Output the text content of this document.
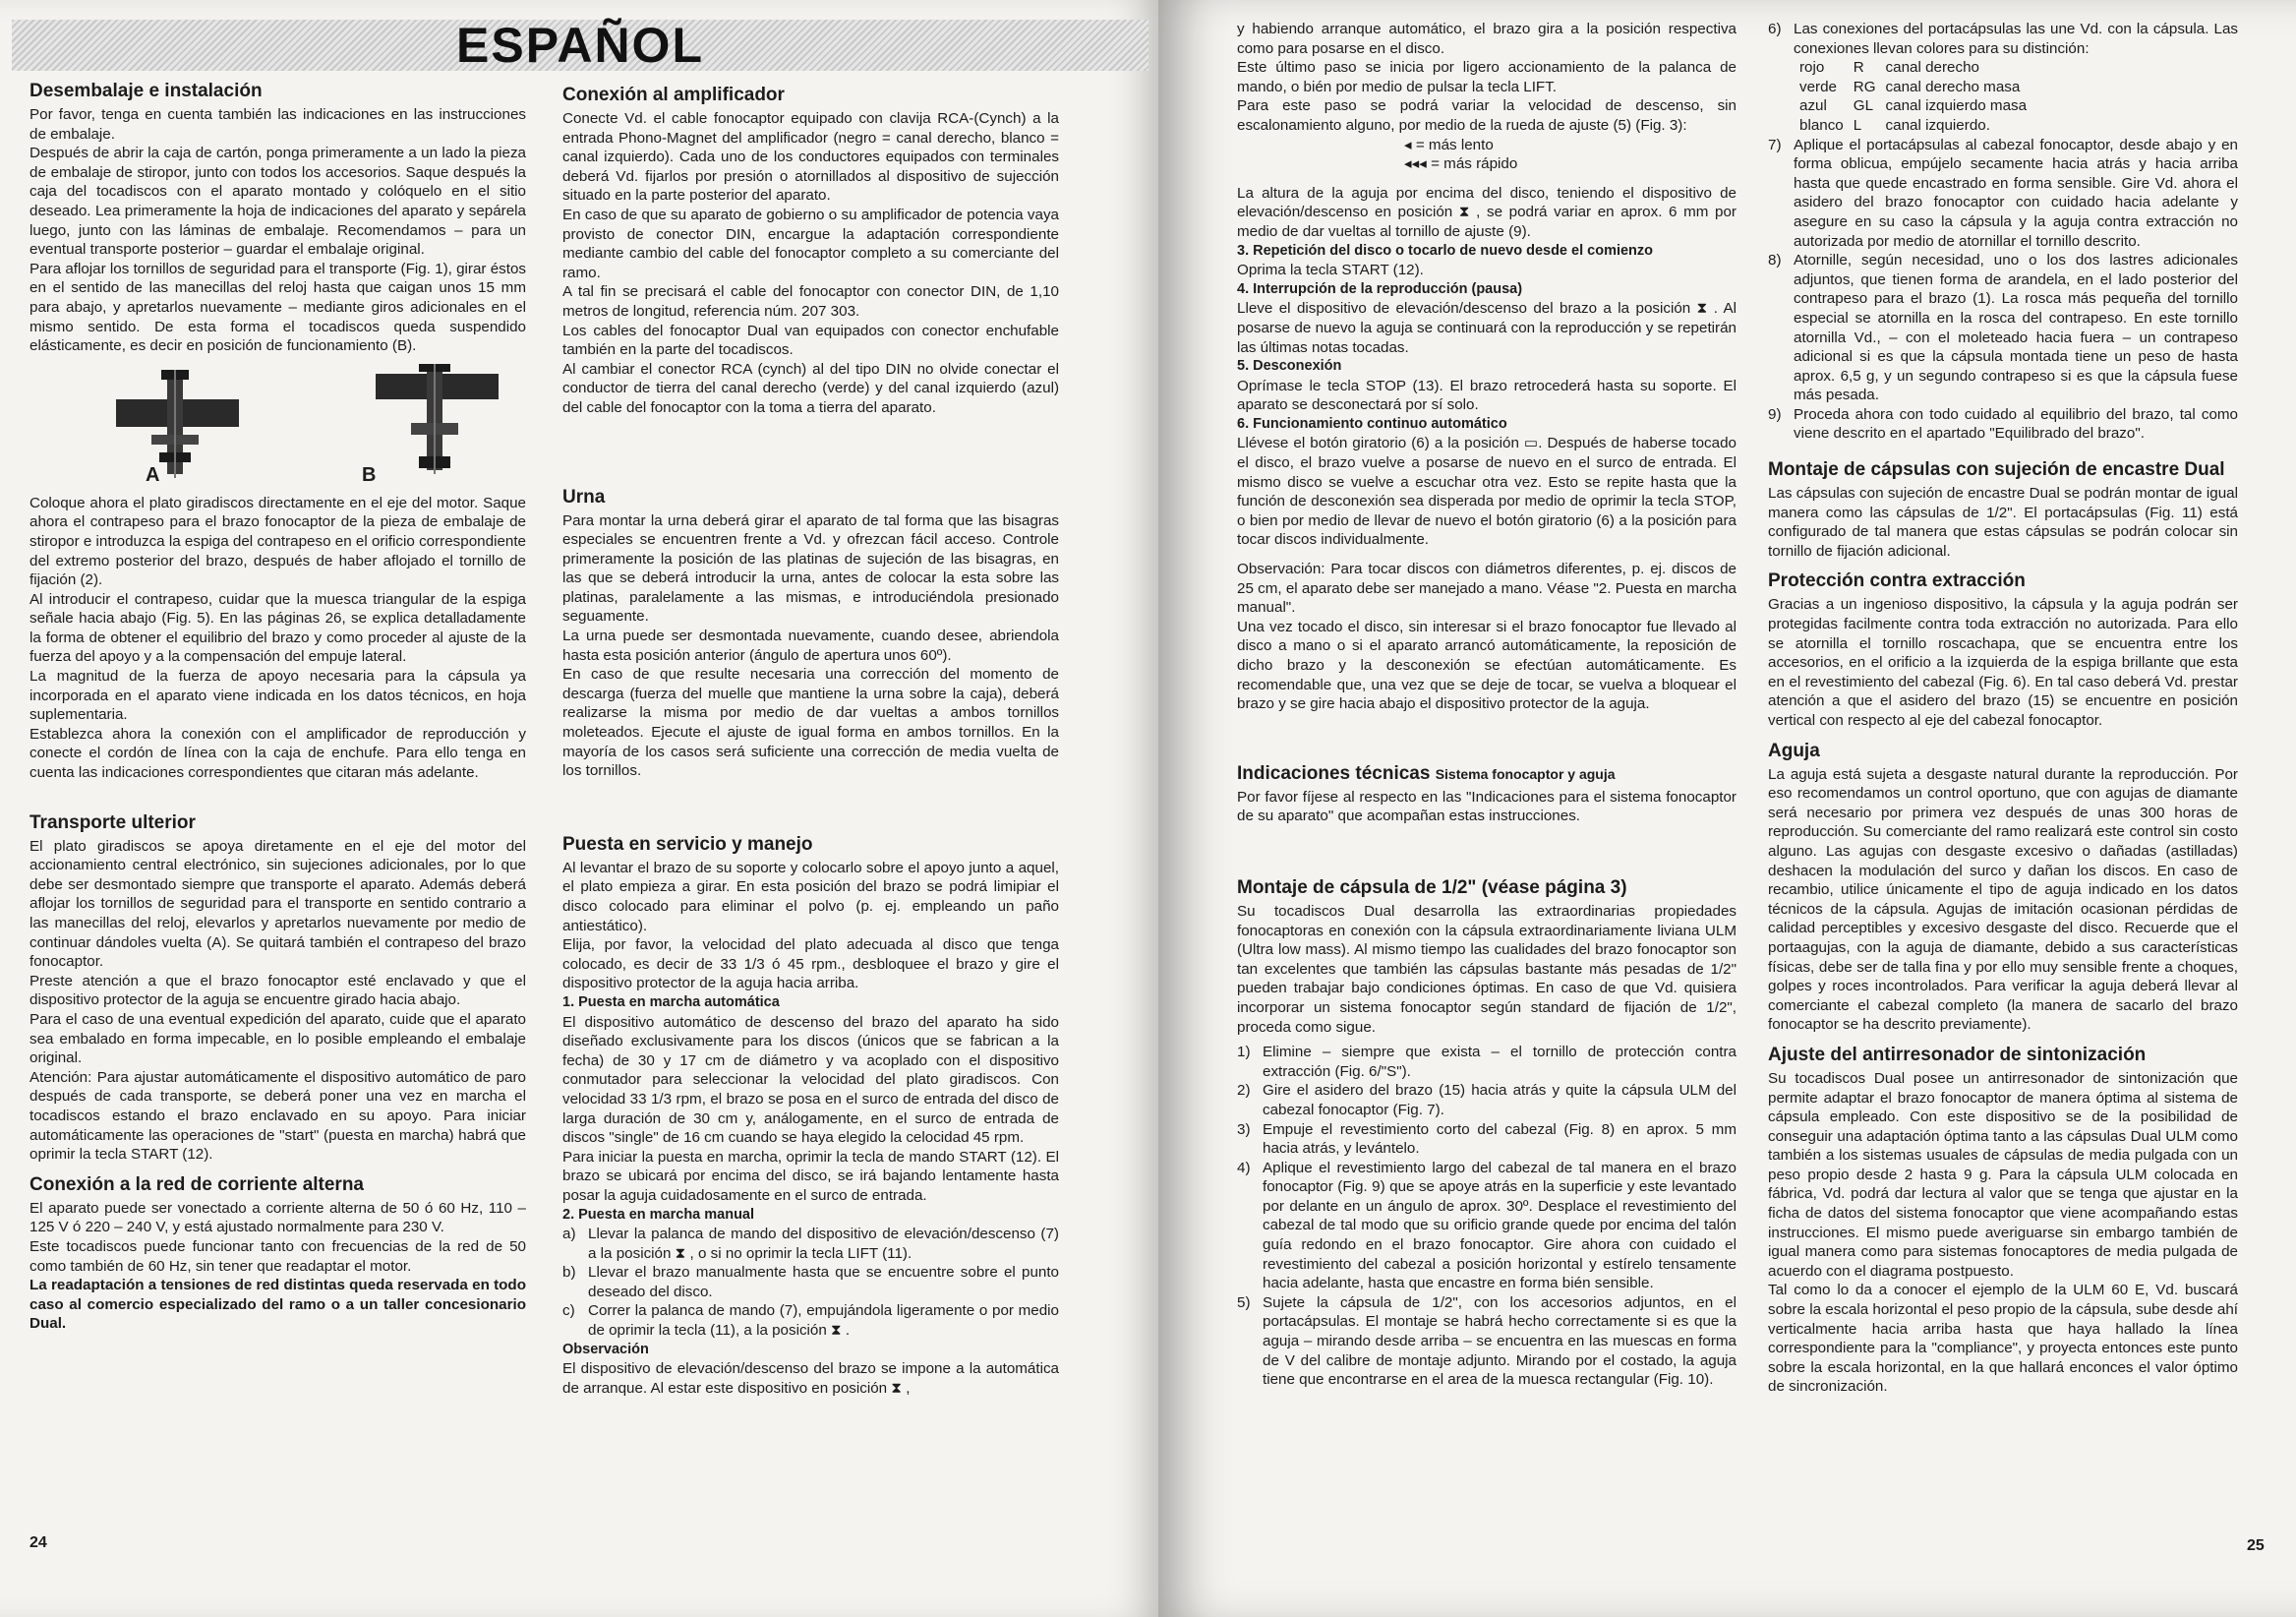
ESPAÑOL
Desembalaje e instalación
Por favor, tenga en cuenta también las indicaciones en las instrucciones de embalaje.
Después de abrir la caja de cartón, ponga primeramente a un lado la pieza de embalaje de stiropor, junto con todos los accesorios. Saque después la caja del tocadiscos con el aparato montado y colóquelo en el sitio deseado. Lea primeramente la hoja de indicaciones del aparato y sepárela luego, junto con las láminas de embalaje. Recomendamos – para un eventual transporte posterior – guardar el embalaje original.
Para aflojar los tornillos de seguridad para el transporte (Fig. 1), girar éstos en el sentido de las manecillas del reloj hasta que caigan unos 15 mm para abajo, y apretarlos nuevamente – mediante giros adicionales en el mismo sentido. De esta forma el tocadiscos queda suspendido elásticamente, es decir en posición de funcionamiento (B).
A	B
Coloque ahora el plato giradiscos directamente en el eje del motor. Saque ahora el contrapeso para el brazo fonocaptor de la pieza de embalaje de stiropor e introduzca la espiga del contrapeso en el orificio correspondiente del extremo posterior del brazo, después de haber aflojado el tornillo de fijación (2).
Al introducir el contrapeso, cuidar que la muesca triangular de la espiga señale hacia abajo (Fig. 5). En las páginas 26, se explica detalladamente la forma de obtener el equilibrio del brazo y como proceder al ajuste de la fuerza del apoyo y a la compensación del empuje lateral.
La magnitud de la fuerza de apoyo necesaria para la cápsula ya incorporada en el aparato viene indicada en los datos técnicos, en hoja suplementaria.
Establezca ahora la conexión con el amplificador de reproducción y conecte el cordón de línea con la caja de enchufe. Para ello tenga en cuenta las indicaciones correspondientes que citaran más adelante.
Transporte ulterior
El plato giradiscos se apoya diretamente en el eje del motor del accionamiento central electrónico, sin sujeciones adicionales, por lo que debe ser desmontado siempre que transporte el aparato. Además deberá aflojar los tornillos de seguridad para el transporte en sentido contrario a las manecillas del reloj, elevarlos y apretarlos nuevamente por medio de continuar dándoles vuelta (A). Se quitará también el contrapeso del brazo fonocaptor.
Preste atención a que el brazo fonocaptor esté enclavado y que el dispositivo protector de la aguja se encuentre girado hacia abajo.
Para el caso de una eventual expedición del aparato, cuide que el aparato sea embalado en forma impecable, en lo posible empleando el embalaje original.
Atención: Para ajustar automáticamente el dispositivo automático de paro después de cada transporte, se deberá poner una vez en marcha el tocadiscos estando el brazo enclavado en su apoyo. Para iniciar automáticamente las operaciones de "start" (puesta en marcha) habrá que oprimir la tecla START (12).
Conexión a la red de corriente alterna
El aparato puede ser vonectado a corriente alterna de 50 ó 60 Hz, 110 – 125 V ó 220 – 240 V, y está ajustado normalmente para 230 V.
Este tocadiscos puede funcionar tanto con frecuencias de la red de 50 como también de 60 Hz, sin tener que readaptar el motor.
La readaptación a tensiones de red distintas queda reservada en todo caso al comercio especializado del ramo o a un taller concesionario Dual.
24
Conexión al amplificador
Conecte Vd. el cable fonocaptor equipado con clavija RCA-(Cynch) a la entrada Phono-Magnet del amplificador (negro = canal derecho, blanco = canal izquierdo). Cada uno de los conductores equipados con terminales deberá Vd. fijarlos por presión o atornillados al dispositivo de sujección situado en la parte posterior del aparato.
En caso de que su aparato de gobierno o su amplificador de potencia vaya provisto de conector DIN, encargue la adaptación correspondiente mediante cambio del cable del fonocaptor completo a su comerciante del ramo.
A tal fin se precisará el cable del fonocaptor con conector DIN, de 1,10 metros de longitud, referencia núm. 207 303.
Los cables del fonocaptor Dual van equipados con conector enchufable también en la parte del tocadiscos.
Al cambiar el conector RCA (cynch) al del tipo DIN no olvide conectar el conductor de tierra del canal derecho (verde) y del canal izquierdo (azul) del cable del fonocaptor con la toma a tierra del aparato.
Urna
Para montar la urna deberá girar el aparato de tal forma que las bisagras especiales se encuentren frente a Vd. y ofrezcan fácil acceso. Controle primeramente la posición de las platinas de sujeción de las bisagras, en las que se deberá introducir la urna, antes de colocar la esta sobre las platinas, paralelamente a las mismas, e introduciéndola presionado seguamente.
La urna puede ser desmontada nuevamente, cuando desee, abriendola hasta esta posición anterior (ángulo de apertura unos 60º).
En caso de que resulte necesaria una corrección del momento de descarga (fuerza del muelle que mantiene la urna sobre la caja), deberá realizarse la misma por medio de dar vueltas a ambos tornillos moleteados. Ejecute el ajuste de igual forma en ambos tornillos. En la mayoría de los casos será suficiente una corrección de media vuelta de los tornillos.
Puesta en servicio y manejo
Al levantar el brazo de su soporte y colocarlo sobre el apoyo junto a aquel, el plato empieza a girar. En esta posición del brazo se podrá limipiar el disco colocado para eliminar el polvo (p. ej. empleando un paño antiestático).
Elija, por favor, la velocidad del plato adecuada al disco que tenga colocado, es decir de 33 1/3 ó 45 rpm., desbloquee el brazo y gire el dispositivo protector de la aguja hacia arriba.
1. Puesta en marcha automática
El dispositivo automático de descenso del brazo del aparato ha sido diseñado exclusivamente para los discos (únicos que se fabrican a la fecha) de 30 y 17 cm de diámetro y va acoplado con el dispositivo conmutador para seleccionar la velocidad del plato giradiscos. Con velocidad 33 1/3 rpm, el brazo se posa en el surco de entrada del disco de larga duración de 30 cm y, análogamente, en el surco de entrada de discos "single" de 16 cm cuando se haya elegido la celocidad 45 rpm.
Para iniciar la puesta en marcha, oprimir la tecla de mando START (12). El brazo se ubicará por encima del disco, se irá bajando lentamente hasta posar la aguja cuidadosamente en el surco de entrada.
2. Puesta en marcha manual
a) Llevar la palanca de mando del dispositivo de elevación/descenso (7) a la posición ⧗ , o si no oprimir la tecla LIFT (11).
b) Llevar el brazo manualmente hasta que se encuentre sobre el punto deseado del disco.
c) Correr la palanca de mando (7), empujándola ligeramente o por medio de oprimir la tecla (11), a la posición ⧗ .
Observación
El dispositivo de elevación/descenso del brazo se impone a la automática de arranque. Al estar este dispositivo en posición ⧗ ,
y habiendo arranque automático, el brazo gira a la posición respectiva como para posarse en el disco.
Este último paso se inicia por ligero accionamiento de la palanca de mando, o bién por medio de pulsar la tecla LIFT.
Para este paso se podrá variar la velocidad de descenso, sin escalonamiento alguno, por medio de la rueda de ajuste (5) (Fig. 3):
◂ = más lento
◂◂◂ = más rápido
La altura de la aguja por encima del disco, teniendo el dispositivo de elevación/descenso en posición ⧗ , se podrá variar en aprox. 6 mm por medio de dar vueltas al tornillo de ajuste (9).
3. Repetición del disco o tocarlo de nuevo desde el comienzo
Oprima la tecla START (12).
4. Interrupción de la reproducción (pausa)
Lleve el dispositivo de elevación/descenso del brazo a la posición ⧗ . Al posarse de nuevo la aguja se continuará con la reproducción y se repetirán las últimas notas tocadas.
5. Desconexión
Oprímase le tecla STOP (13). El brazo retrocederá hasta su soporte. El aparato se desconectará por sí solo.
6. Funcionamiento continuo automático
Llévese el botón giratorio (6) a la posición ▭. Después de haberse tocado el disco, el brazo vuelve a posarse de nuevo en el surco de entrada. El mismo disco se vuelve a escuchar otra vez. Esto se repite hasta que la función de desconexión sea disperada por medio de oprimir la tecla STOP, o bien por medio de llevar de nuevo el botón giratorio (6) a la posición para tocar discos individualmente.
Observación: Para tocar discos con diámetros diferentes, p. ej. discos de 25 cm, el aparato debe ser manejado a mano. Véase "2. Puesta en marcha manual".
Una vez tocado el disco, sin interesar si el brazo fonocaptor fue llevado al disco a mano o si el aparato arrancó automáticamente, la reposición de dicho brazo y la desconexión se efectúan automáticamente. Es recomendable que, una vez que se deje de tocar, se vuelva a bloquear el brazo y se gire hacia abajo el dispositivo protector de la aguja.
Indicaciones técnicas Sistema fonocaptor y aguja
Por favor fíjese al respecto en las "Indicaciones para el sistema fonocaptor de su aparato" que acompañan estas instrucciones.
Montaje de cápsula de 1/2" (véase página 3)
Su tocadiscos Dual desarrolla las extraordinarias propiedades fonocaptoras en conexión con la cápsula extraordinariamente liviana ULM (Ultra low mass). Al mismo tiempo las cualidades del brazo fonocaptor son tan excelentes que también las cápsulas bastante más pesadas de 1/2" pueden trabajar bajo condiciones óptimas. En caso de que Vd. quisiera incorporar un sistema fonocaptor según standard de fijación de 1/2", proceda como sigue.
1) Elimine – siempre que exista – el tornillo de protección contra extracción (Fig. 6/"S").
2) Gire el asidero del brazo (15) hacia atrás y quite la cápsula ULM del cabezal fonocaptor (Fig. 7).
3) Empuje el revestimiento corto del cabezal (Fig. 8) en aprox. 5 mm hacia atrás, y levántelo.
4) Aplique el revestimiento largo del cabezal de tal manera en el brazo fonocaptor (Fig. 9) que se apoye atrás en la superficie y este levantado por delante en un ángulo de aprox. 30º. Desplace el revestimiento del cabezal de tal modo que su orificio grande quede por encima del talón guía redondo en el brazo fonocaptor. Gire ahora con cuidado el revestimiento del cabezal a posición horizontal y estírelo tensamente hacia adelante, hasta que encastre en forma bién sensible.
5) Sujete la cápsula de 1/2", con los accesorios adjuntos, en el portacápsulas. El montaje se habrá hecho correctamente si es que la aguja – mirando desde arriba – se encuentra en las muescas en forma de V del calibre de montaje adjunto. Mirando por el costado, la aguja tiene que encontrarse en el area de la muesca rectangular (Fig. 10).
6) Las conexiones del portacápsulas las une Vd. con la cápsula. Las conexiones llevan colores para su distinción:
rojo	R	canal derecho
verde	RG	canal derecho masa
azul	GL	canal izquierdo masa
blanco	L	canal izquierdo.
7) Aplique el portacápsulas al cabezal fonocaptor, desde abajo y en forma oblicua, empújelo secamente hacia atrás y hacia arriba hasta que quede encastrado en forma sensible. Gire Vd. ahora el asidero del brazo fonocaptor con cuidado hacia adelante y asegure en su caso la cápsula y la aguja contra extracción no autorizada por medio de atornillar el tornillo descrito.
8) Atornille, según necesidad, uno o los dos lastres adicionales adjuntos, que tienen forma de arandela, en el lado posterior del contrapeso para el brazo (1). La rosca más pequeña del tornillo especial se atornilla en la rosca del contrapeso. En este tornillo atornilla Vd., – con el moleteado hacia fuera – un contrapeso adicional si es que la cápsula montada tiene un peso de hasta aprox. 6,5 g, y un segundo contrapeso si es que la cápsula fuese más pesada.
9) Proceda ahora con todo cuidado al equilibrio del brazo, tal como viene descrito en el apartado "Equilibrado del brazo".
Montaje de cápsulas con sujeción de encastre Dual
Las cápsulas con sujeción de encastre Dual se podrán montar de igual manera como las cápsulas de 1/2". El portacápsulas (Fig. 11) está configurado de tal manera que estas cápsulas se podrán colocar sin tornillo de fijación adicional.
Protección contra extracción
Gracias a un ingenioso dispositivo, la cápsula y la aguja podrán ser protegidas facilmente contra toda extracción no autorizada. Para ello se atornilla el tornillo roscachapa, que se encuentra entre los accesorios, en el orificio a la izquierda de la espiga brillante que esta en el revestimiento del cabezal (Fig. 6). En tal caso deberá Vd. prestar atención a que el asidero del brazo (15) se encuentre en posición vertical con respecto al eje del cabezal fonocaptor.
Aguja
La aguja está sujeta a desgaste natural durante la reproducción. Por eso recomendamos un control oportuno, que con agujas de diamante será necesario por primera vez después de unas 300 horas de reproducción. Su comerciante del ramo realizará este control sin costo alguno. Las agujas con desgaste excesivo o dañadas (astilladas) deshacen la modulación del surco y dañan los discos. En caso de recambio, utilice únicamente el tipo de aguja indicado en los datos técnicos de la cápsula. Agujas de imitación ocasionan pérdidas de calidad perceptibles y excesivo desgaste del disco. Recuerde que el portaagujas, con la aguja de diamante, debido a sus características físicas, debe ser de talla fina y por ello muy sensible frente a choques, golpes y roces incontrolados. Para verificar la aguja deberá llevar al comerciante el cabezal completo (la manera de sacarlo del brazo fonocaptor se ha descrito previamente).
Ajuste del antirresonador de sintonización
Su tocadiscos Dual posee un antirresonador de sintonización que permite adaptar el brazo fonocaptor de manera óptima al sistema de cápsula empleado. Con este dispositivo se de la posibilidad de conseguir una adaptación óptima tanto a las cápsulas Dual ULM como también a los sistemas usuales de cápsulas de media pulgada con un peso propio desde 2 hasta 9 g. Para la cápsula ULM colocada en fábrica, Vd. podrá dar lectura al valor que se tenga que ajustar en la ficha de datos del sistema fonocaptor que viene acompañando estas instrucciones. El mismo puede averiguarse sin embargo también de igual manera como para sistemas fonocaptores de media pulgada de acuerdo con el diagrama postpuesto.
Tal como lo da a conocer el ejemplo de la ULM 60 E, Vd. buscará sobre la escala horizontal el peso propio de la cápsula, sube desde ahí verticalmente hacia arriba hasta que haya hallado la línea correspondiente para la "compliance", y proyecta entonces este punto sobre la escala horizontal, en la que hallará enconces el valor óptimo de sincronización.
25
